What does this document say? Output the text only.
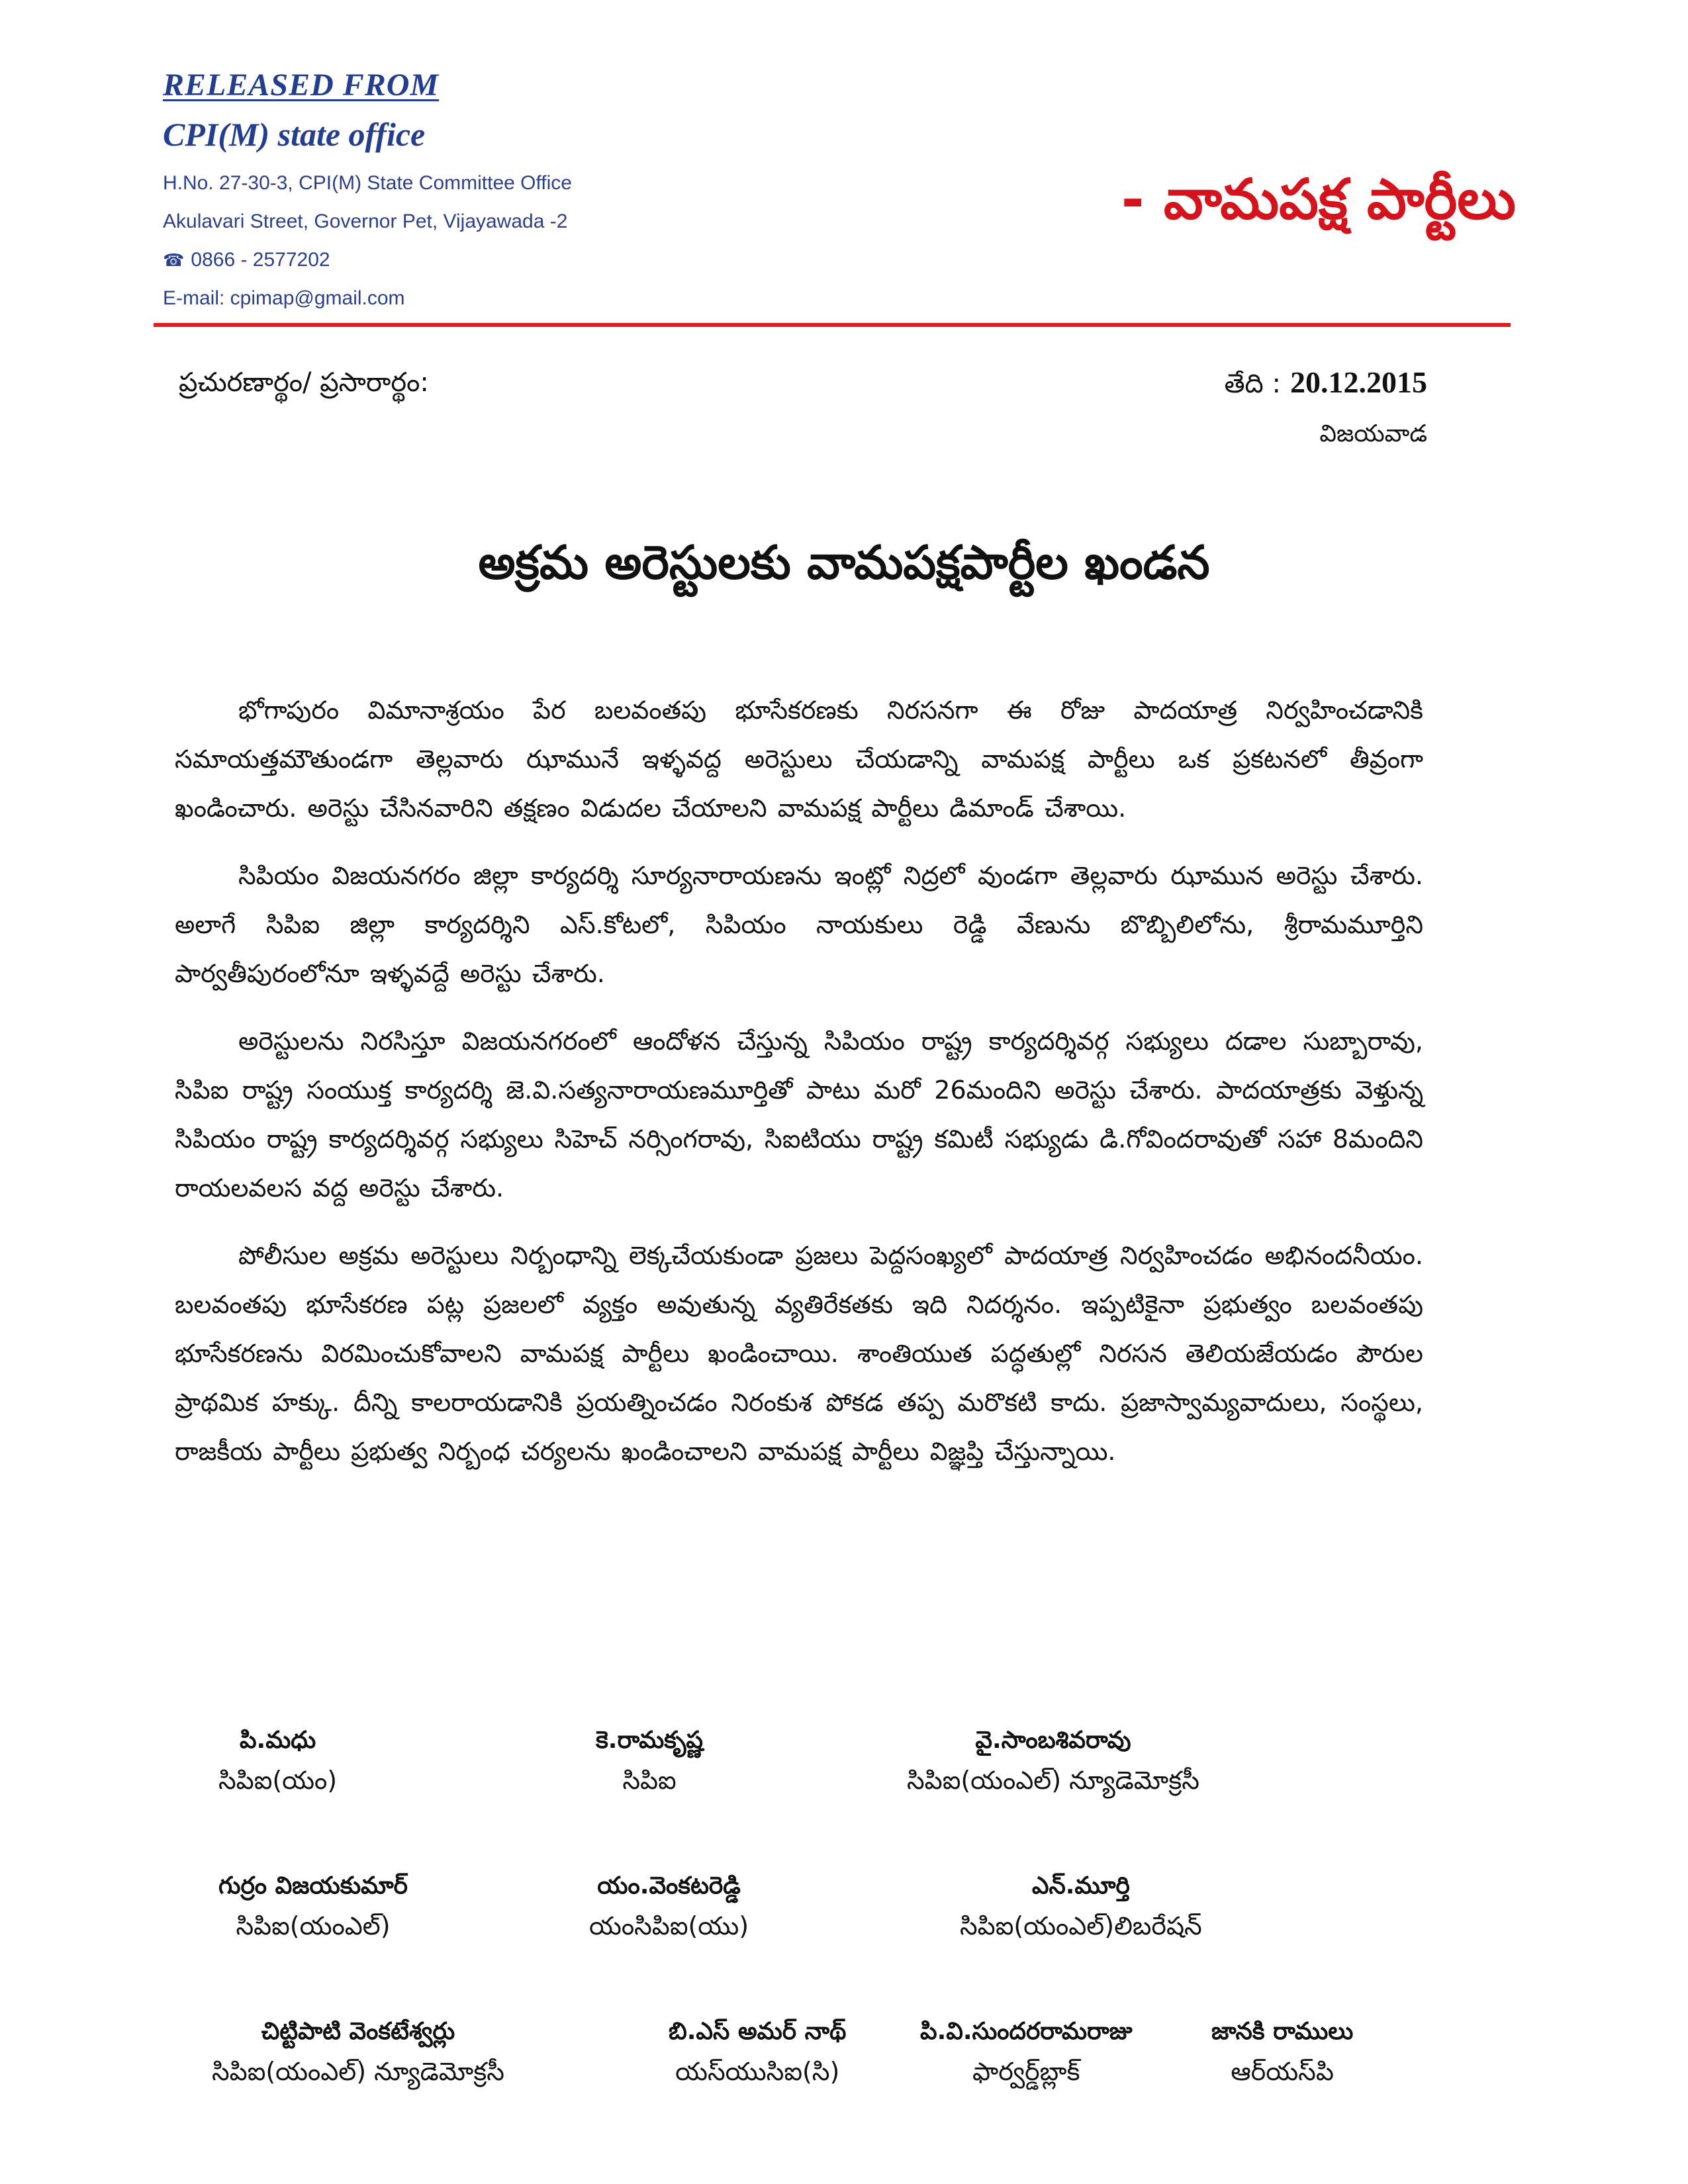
RELEASED FROM

CPI(M) state office

H.No. 27-30-3, CPI(M) State Committee Office

Akulavari Street, Governor Pet, Vijayawada -2

☎ 0866 - 2577202

E-mail: cpimap@gmail.com

- వామపక్ష పార్టీలు
ప్రచురణార్థం/ ప్రసారార్థం:	తేది : 20.12.2015
విజయవాడ
అక్రమ అరెస్టులకు వామపక్షపార్టీల ఖండన

భోగాపురం విమానాశ్రయం పేర బలవంతపు భూసేకరణకు నిరసనగా ఈ రోజు పాదయాత్ర నిర్వహించడానికి సమాయత్తమౌతుండగా తెల్లవారు ఝామునే ఇళ్ళవద్ద అరెస్టులు చేయడాన్ని వామపక్ష పార్టీలు ఒక ప్రకటనలో తీవ్రంగా ఖండించారు. అరెస్టు చేసినవారిని తక్షణం విడుదల చేయాలని వామపక్ష పార్టీలు డిమాండ్ చేశాయి.

సిపియం విజయనగరం జిల్లా కార్యదర్శి సూర్యనారాయణను ఇంట్లో నిద్రలో వుండగా తెల్లవారు ఝామున అరెస్టు చేశారు. అలాగే సిపిఐ జిల్లా కార్యదర్శిని ఎస్.కోటలో, సిపియం నాయకులు రెడ్డి వేణును బొబ్బిలిలోను, శ్రీరామమూర్తిని పార్వతీపురంలోనూ ఇళ్ళవద్దే అరెస్టు చేశారు.

అరెస్టులను నిరసిస్తూ విజయనగరంలో ఆందోళన చేస్తున్న సిపియం రాష్ట్ర కార్యదర్శివర్గ సభ్యులు దడాల సుబ్బారావు, సిపిఐ రాష్ట్ర సంయుక్త కార్యదర్శి జె.వి.సత్యనారాయణమూర్తితో పాటు మరో 26మందిని అరెస్టు చేశారు. పాదయాత్రకు వెళ్తున్న సిపియం రాష్ట్ర కార్యదర్శివర్గ సభ్యులు సిహెచ్ నర్సింగరావు, సిఐటియు రాష్ట్ర కమిటీ సభ్యుడు డి.గోవిందరావుతో సహా 8మందిని రాయలవలస వద్ద అరెస్టు చేశారు.

పోలీసుల అక్రమ అరెస్టులు నిర్బంధాన్ని లెక్కచేయకుండా ప్రజలు పెద్దసంఖ్యలో పాదయాత్ర నిర్వహించడం అభినందనీయం. బలవంతపు భూసేకరణ పట్ల ప్రజలలో వ్యక్తం అవుతున్న వ్యతిరేకతకు ఇది నిదర్శనం. ఇప్పటికైనా ప్రభుత్వం బలవంతపు భూసేకరణను విరమించుకోవాలని వామపక్ష పార్టీలు ఖండించాయి. శాంతియుత పద్ధతుల్లో నిరసన తెలియజేయడం పౌరుల ప్రాథమిక హక్కు. దీన్ని కాలరాయడానికి ప్రయత్నించడం నిరంకుశ పోకడ తప్ప మరొకటి కాదు. ప్రజాస్వామ్యవాదులు, సంస్థలు, రాజకీయ పార్టీలు ప్రభుత్వ నిర్బంధ చర్యలను ఖండించాలని వామపక్ష పార్టీలు విజ్ఞప్తి చేస్తున్నాయి.

పి.మధు
సిపిఐ(యం)
కె.రామకృష్ణ
సిపిఐ
వై.సాంబశివరావు
సిపిఐ(యంఎల్) న్యూడెమోక్రసీ
గుర్రం విజయకుమార్
సిపిఐ(యంఎల్)
యం.వెంకటరెడ్డి
యంసిపిఐ(యు)
ఎన్.మూర్తి
సిపిఐ(యంఎల్)లిబరేషన్
చిట్టిపాటి వెంకటేశ్వర్లు
సిపిఐ(యంఎల్) న్యూడెమోక్రసీ
బి.ఎస్ అమర్ నాథ్
యస్‌యుసిఐ(సి)
పి.వి.సుందరరామరాజు
ఫార్వర్డ్‌బ్లాక్
జానకి రాములు
ఆర్‌యస్‌పి
